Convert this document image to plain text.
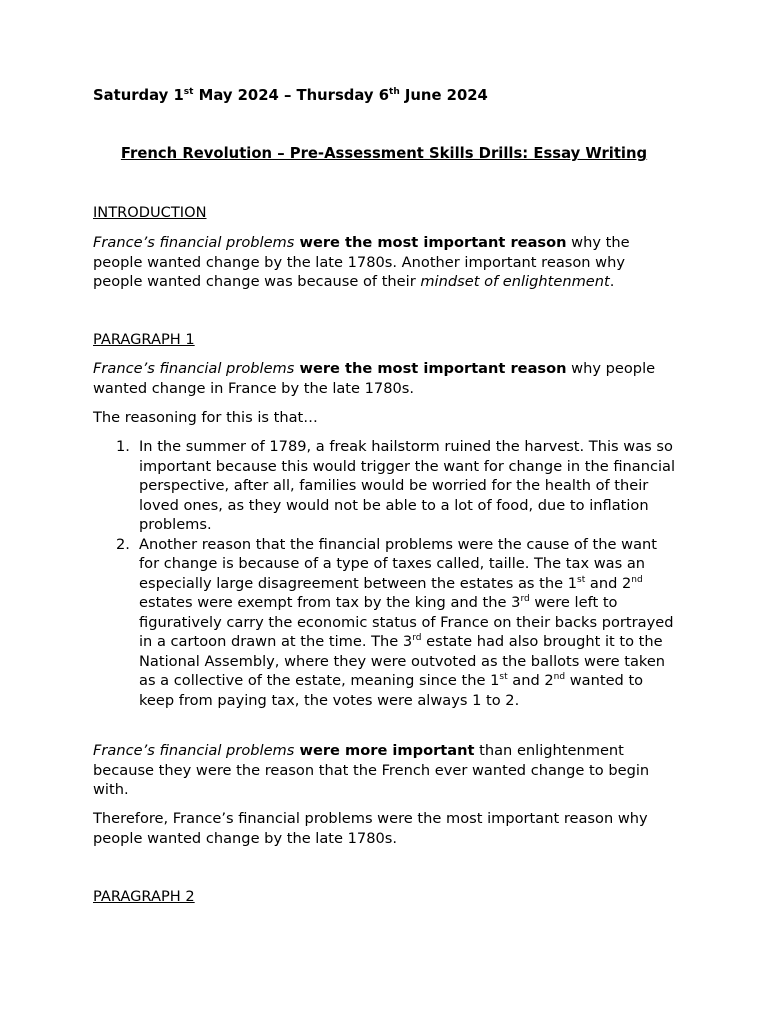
Saturday 1st May 2024 – Thursday 6th June 2024

French Revolution – Pre-Assessment Skills Drills: Essay Writing

INTRODUCTION

France’s financial problems were the most important reason why the people wanted change by the late 1780s. Another important reason why people wanted change was because of their mindset of enlightenment.

PARAGRAPH 1

France’s financial problems were the most important reason why people wanted change in France by the late 1780s.

The reasoning for this is that…

1. In the summer of 1789, a freak hailstorm ruined the harvest. This was so important because this would trigger the want for change in the financial perspective, after all, families would be worried for the health of their loved ones, as they would not be able to a lot of food, due to inflation problems.
2. Another reason that the financial problems were the cause of the want for change is because of a type of taxes called, taille. The tax was an especially large disagreement between the estates as the 1st and 2nd estates were exempt from tax by the king and the 3rd were left to figuratively carry the economic status of France on their backs portrayed in a cartoon drawn at the time. The 3rd estate had also brought it to the National Assembly, where they were outvoted as the ballots were taken as a collective of the estate, meaning since the 1st and 2nd wanted to keep from paying tax, the votes were always 1 to 2.

France’s financial problems were more important than enlightenment because they were the reason that the French ever wanted change to begin with.

Therefore, France’s financial problems were the most important reason why people wanted change by the late 1780s.

PARAGRAPH 2
